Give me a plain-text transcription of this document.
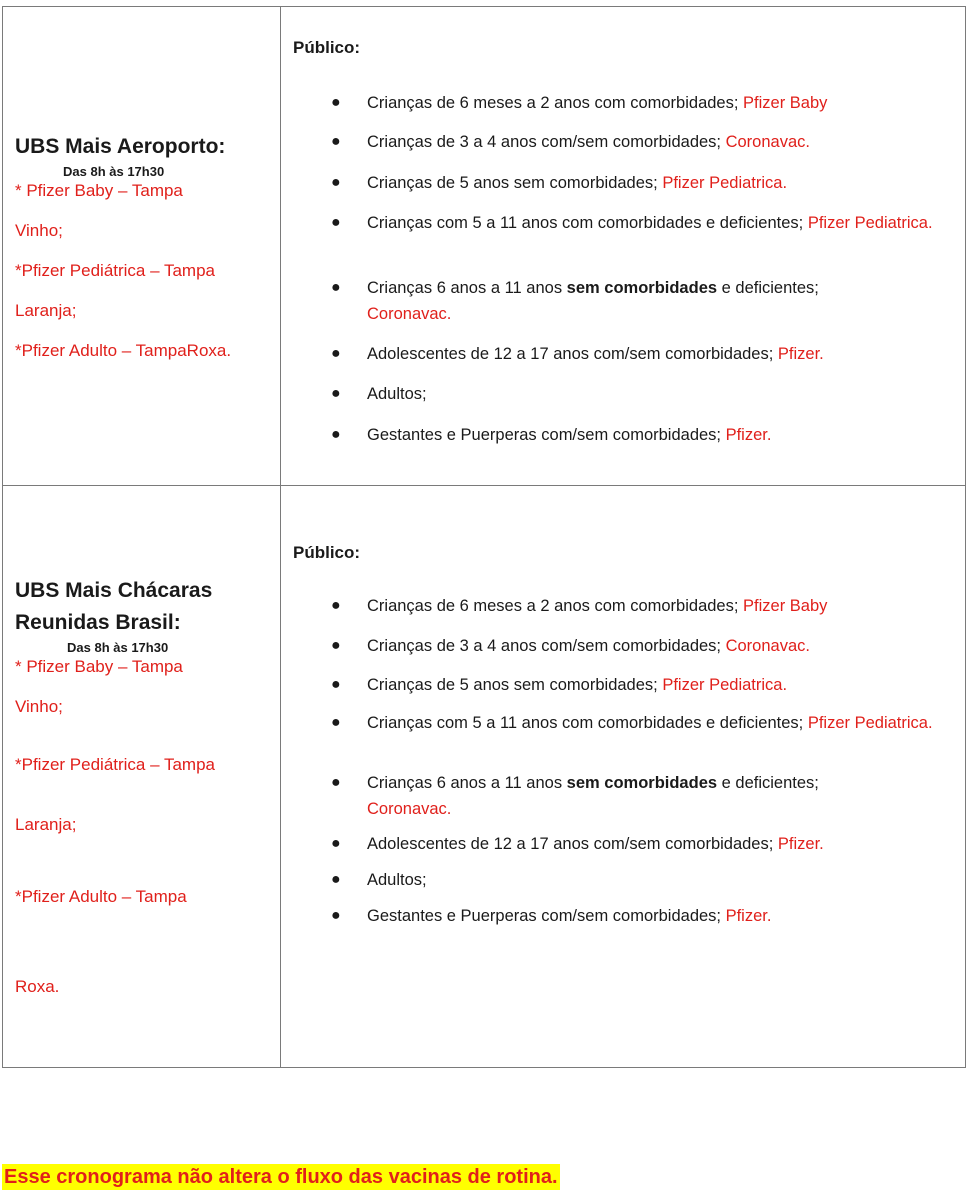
UBS Mais Aeroporto:
Das 8h às 17h30
* Pfizer Baby – Tampa
Vinho;
*Pfizer Pediátrica – Tampa
Laranja;
*Pfizer Adulto – TampaRoxa.
Público:
● Crianças de 6 meses a 2 anos com comorbidades; Pfizer Baby
● Crianças de 3 a 4 anos com/sem comorbidades; Coronavac.
● Crianças de 5 anos sem comorbidades; Pfizer Pediatrica.
● Crianças com 5 a 11 anos com comorbidades e deficientes; Pfizer Pediatrica.
● Crianças 6 anos a 11 anos sem comorbidades e deficientes;
Coronavac.
● Adolescentes de 12 a 17 anos com/sem comorbidades; Pfizer.
● Adultos;
● Gestantes e Puerperas com/sem comorbidades; Pfizer.
UBS Mais Chácaras
Reunidas Brasil:
Das 8h às 17h30
* Pfizer Baby – Tampa
Vinho;
*Pfizer Pediátrica – Tampa
Laranja;
*Pfizer Adulto – Tampa
Roxa.
Público:
● Crianças de 6 meses a 2 anos com comorbidades; Pfizer Baby
● Crianças de 3 a 4 anos com/sem comorbidades; Coronavac.
● Crianças de 5 anos sem comorbidades; Pfizer Pediatrica.
● Crianças com 5 a 11 anos com comorbidades e deficientes; Pfizer Pediatrica.
● Crianças 6 anos a 11 anos sem comorbidades e deficientes;
Coronavac.
● Adolescentes de 12 a 17 anos com/sem comorbidades; Pfizer.
● Adultos;
● Gestantes e Puerperas com/sem comorbidades; Pfizer.
Esse cronograma não altera o fluxo das vacinas de rotina.
